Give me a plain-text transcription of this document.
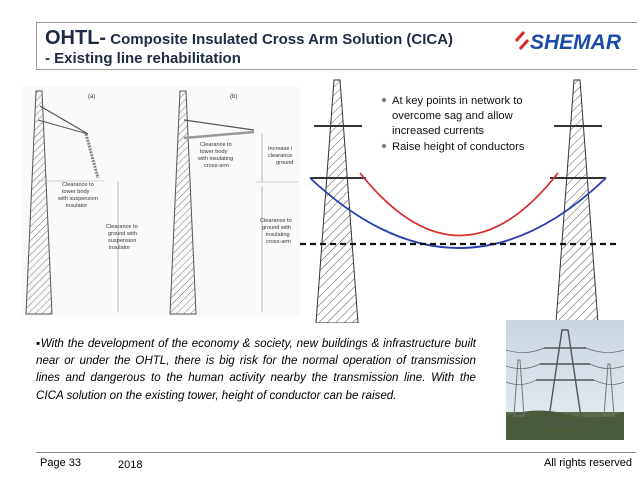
OHTL- Composite Insulated Cross Arm Solution (CICA)
- Existing line rehabilitation
SHEMAR
(a)
Clearance to tower body with suspension insulator
Clearance to ground with suspension insulator
(b)
Clearance to tower body with insulating cross-arm
Increase i clearance ground
Clearance to ground with insulating cross-arm
At key points in network to overcome sag and allow increased currents
Raise height of conductors
▪With the development of the economy & society, new buildings & infrastructure built near or under the OHTL, there is big risk for the normal operation of transmission lines and dangerous to the human activity nearby the transmission line. With the CICA solution on the existing tower, height of conductor can be raised.
Page 33	2018	All rights reserved
